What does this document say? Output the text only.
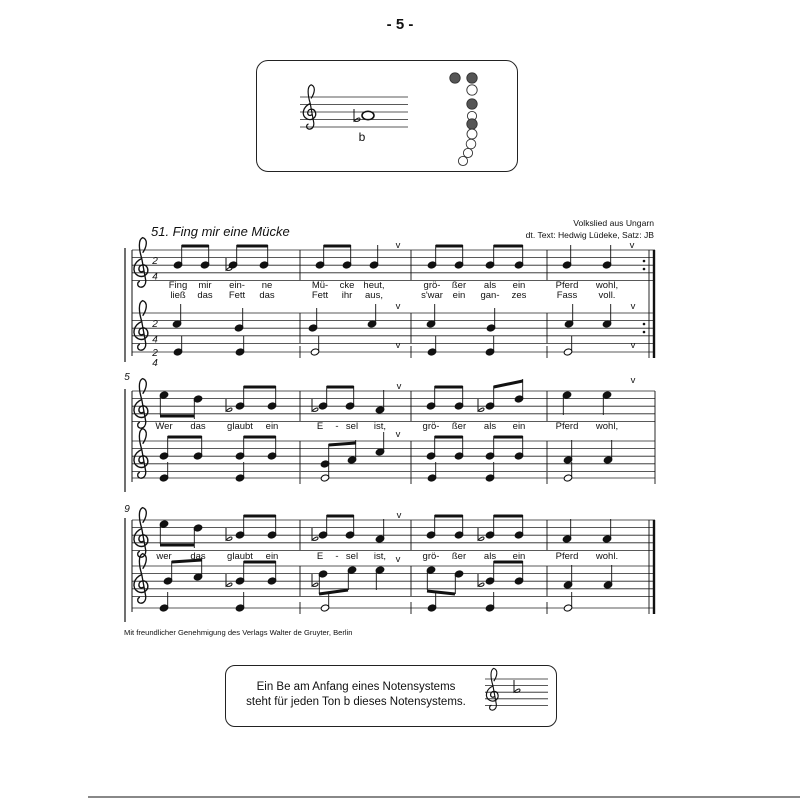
- 5 -
51. Fing mir eine Mücke
Volkslied aus Ungarn
dt. Text: Hedwig Lüdeke, Satz: JB
Mit freundlicher Genehmigung des Verlags Walter de Gruyter, Berlin
Ein Be am Anfang eines Notensystems
steht für jeden Ton b dieses Notensystems.
b
2
4
2
4
2
4
v	v
v	v
v	v
Fing mir ein- ne	Mü- cke heut,	grö- ßer als ein	Pferd wohl,
ließ das Fett das	Fett ihr aus,	s'war ein gan- zes	Fass voll.
5
v
v
v
Wer das glaubt ein	E - sel ist,	grö- ßer als ein	Pferd wohl,
9
v
v
wer das glaubt ein	E - sel ist,	grö- ßer als ein	Pferd wohl.
